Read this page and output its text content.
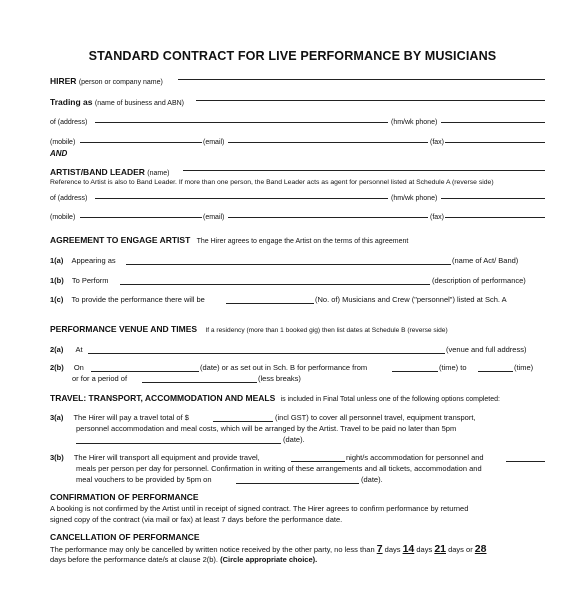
STANDARD CONTRACT FOR LIVE PERFORMANCE BY MUSICIANS
HIRER (person or company name)
Trading as (name of business and ABN)
of (address)	(hm/wk phone)
(mobile)	(email)	(fax)
AND
ARTIST/BAND LEADER (name)
Reference to Artist is also to Band Leader. If more than one person, the Band Leader acts as agent for personnel listed at Schedule A (reverse side)
of (address)	(hm/wk phone)
(mobile)	(email)	(fax)
AGREEMENT TO ENGAGE ARTIST The Hirer agrees to engage the Artist on the terms of this agreement
1(a) Appearing as	(name of Act/ Band)
1(b) To Perform	(description of performance)
1(c) To provide the performance there will be	(No. of) Musicians and Crew ("personnel") listed at Sch. A
PERFORMANCE VENUE AND TIMES If a residency (more than 1 booked gig) then list dates at Schedule B (reverse side)
2(a) At	(venue and full address)
2(b) On	(date) or as set out in Sch. B for performance from	(time) to	(time)
or for a period of	(less breaks)
TRAVEL: TRANSPORT, ACCOMMODATION AND MEALS is included in Final Total unless one of the following options completed:
3(a) The Hirer will pay a travel total of $	(incl GST) to cover all personnel travel, equipment transport,
personnel accommodation and meal costs, which will be arranged by the Artist. Travel to be paid no later than 5pm
(date).
3(b) The Hirer will transport all equipment and provide travel,	night/s accommodation for personnel and
meals per person per day for personnel. Confirmation in writing of these arrangements and all tickets, accommodation and
meal vouchers to be provided by 5pm on	(date).
CONFIRMATION OF PERFORMANCE
A booking is not confirmed by the Artist until in receipt of signed contract. The Hirer agrees to confirm performance by returned
signed copy of the contract (via mail or fax) at least 7 days before the performance date.
CANCELLATION OF PERFORMANCE
The performance may only be cancelled by written notice received by the other party, no less than 7 days 14 days 21 days or 28
days before the performance date/s at clause 2(b). (Circle appropriate choice).
